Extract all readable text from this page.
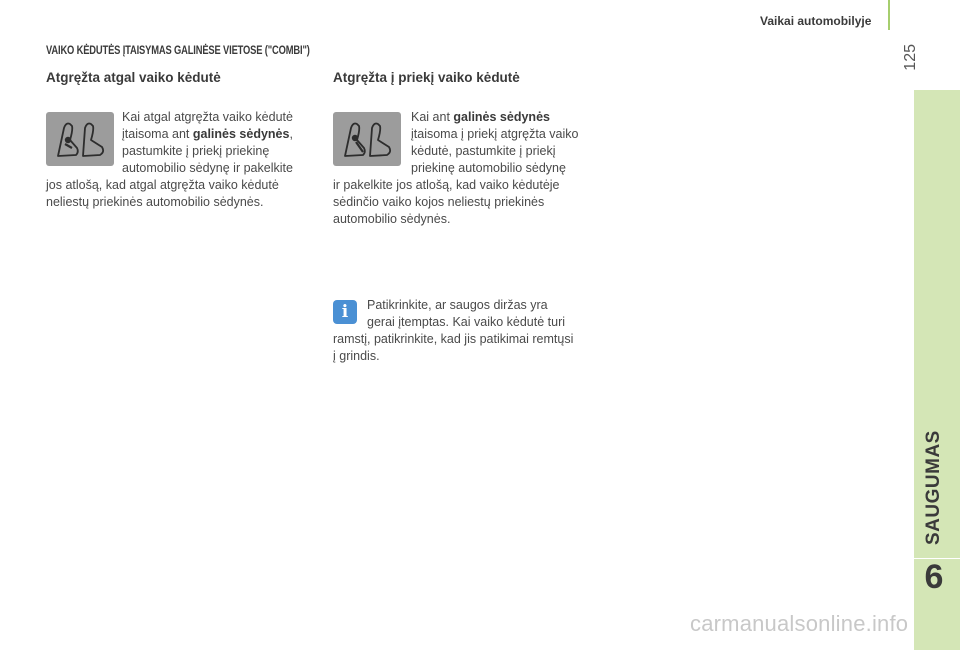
Vaikai automobilyje
125
VAIKO KĖDUTĖS ĮTAISYMAS GALINĖSE VIETOSE ("COMBI")
Atgręžta atgal vaiko kėdutė
Kai atgal atgręžta vaiko kėdutė
įtaisoma ant galinės sėdynės,
pastumkite į priekį priekinę
automobilio sėdynę ir pakelkite
jos atlošą, kad atgal atgręžta vaiko kėdutė
neliestų priekinės automobilio sėdynės.
Atgręžta į priekį vaiko kėdutė
Kai ant galinės sėdynės
įtaisoma į priekį atgręžta vaiko
kėdutė, pastumkite į priekį
priekinę automobilio sėdynę
ir pakelkite jos atlošą, kad vaiko kėdutėje
sėdinčio vaiko kojos neliestų priekinės
automobilio sėdynės.
i	Patikrinkite, ar saugos diržas yra
gerai įtemptas. Kai vaiko kėdutė turi
ramstį, patikrinkite, kad jis patikimai remtųsi
į grindis.
SAUGUMAS
6
carmanualsonline.info
